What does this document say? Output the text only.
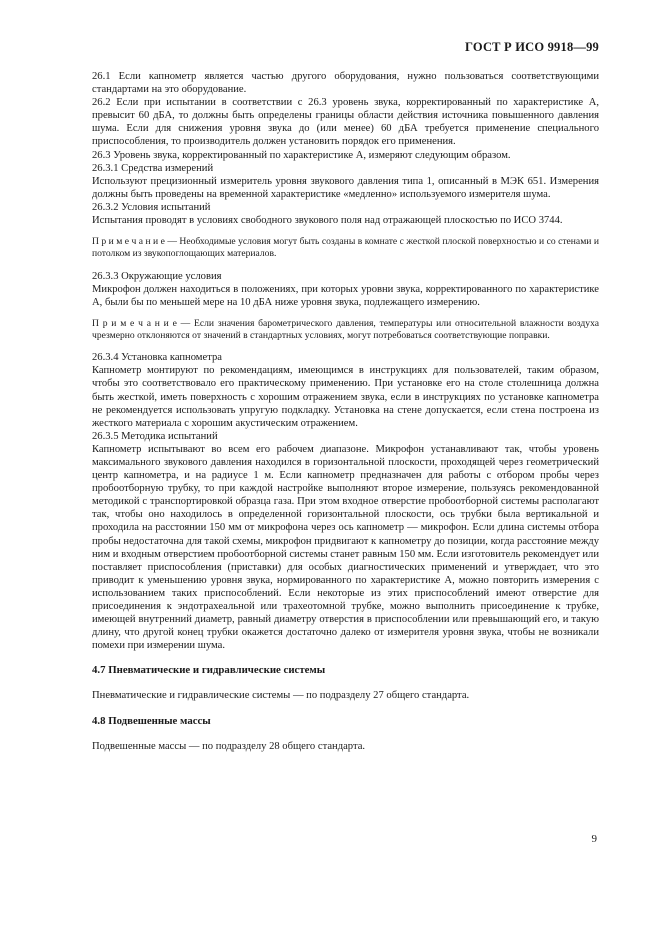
ГОСТ Р ИСО 9918—99

26.1 Если капнометр является частью другого оборудования, нужно пользоваться соответствующими стандартами на это оборудование.

26.2 Если при испытании в соответствии с 26.3 уровень звука, корректированный по характеристике А, превысит 60 дБА, то должны быть определены границы области действия источника повышенного давления шума. Если для снижения уровня звука до (или менее) 60 дБА требуется применение специального приспособления, то производитель должен установить порядок его применения.

26.3 Уровень звука, корректированный по характеристике А, измеряют следующим образом.

26.3.1 Средства измерений

Используют прецизионный измеритель уровня звукового давления типа 1, описанный в МЭК 651. Измерения должны быть проведены на временной характеристике «медленно» используемого измерителя шума.

26.3.2 Условия испытаний

Испытания проводят в условиях свободного звукового поля над отражающей плоскостью по ИСО 3744.

П р и м е ч а н и е — Необходимые условия могут быть созданы в комнате с жесткой плоской поверхностью и со стенами и потолком из звукопоглощающих материалов.

26.3.3 Окружающие условия

Микрофон должен находиться в положениях, при которых уровни звука, корректированного по характеристике А, были бы по меньшей мере на 10 дБА ниже уровня звука, подлежащего измерению.

П р и м е ч а н и е — Если значения барометрического давления, температуры или относительной влажности воздуха чрезмерно отклоняются от значений в стандартных условиях, могут потребоваться соответствующие поправки.

26.3.4 Установка капнометра

Капнометр монтируют по рекомендациям, имеющимся в инструкциях для пользователей, таким образом, чтобы это соответствовало его практическому применению. При установке его на столе столешница должна быть жесткой, иметь поверхность с хорошим отражением звука, если в инструкциях по установке капнометра не рекомендуется использовать упругую подкладку. Установка на стене допускается, если стена построена из жесткого материала с хорошим акустическим отражением.

26.3.5 Методика испытаний

Капнометр испытывают во всем его рабочем диапазоне. Микрофон устанавливают так, чтобы уровень максимального звукового давления находился в горизонтальной плоскости, проходящей через геометрический центр капнометра, и на радиусе 1 м. Если капнометр предназначен для работы с отбором пробы через пробоотборную трубку, то при каждой настройке выполняют второе измерение, пользуясь рекомендованной методикой с транспортировкой образца газа. При этом входное отверстие пробоотборной системы располагают так, чтобы оно находилось в определенной горизонтальной плоскости, ось трубки была вертикальной и проходила на расстоянии 150 мм от микрофона через ось капнометр — микрофон. Если длина системы отбора пробы недостаточна для такой схемы, микрофон придвигают к капнометру до позиции, когда расстояние между ним и входным отверстием пробоотборной системы станет равным 150 мм. Если изготовитель рекомендует или поставляет приспособления (приставки) для особых диагностических применений и утверждает, что это приводит к уменьшению уровня звука, нормированного по характеристике А, можно повторить измерения с использованием таких приспособлений. Если некоторые из этих приспособлений имеют отверстие для присоединения к эндотрахеальной или трахеотомной трубке, можно выполнить присоединение к трубке, имеющей внутренний диаметр, равный диаметру отверстия в приспособлении или превышающий его, и такую длину, что другой конец трубки окажется достаточно далеко от измерителя уровня звука, чтобы не возникали помехи при измерении шума.

4.7 Пневматические и гидравлические системы

Пневматические и гидравлические системы — по подразделу 27 общего стандарта.

4.8 Подвешенные массы

Подвешенные массы — по подразделу 28 общего стандарта.

9
